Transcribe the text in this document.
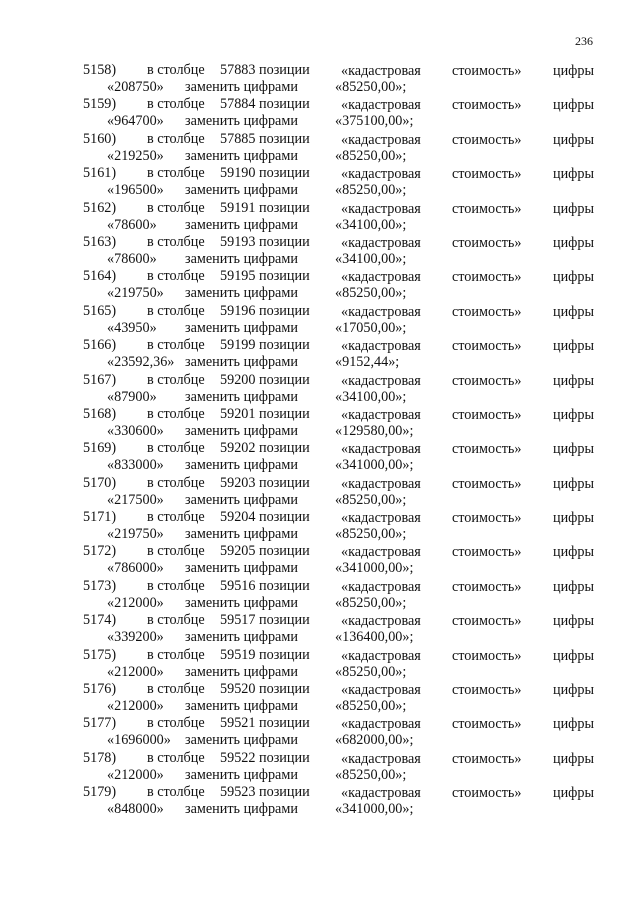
236
5158) в столбце 57883 позиции «кадастровая стоимость» цифры
«208750» заменить цифрами	«85250,00»;
5159) в столбце 57884 позиции «кадастровая стоимость» цифры
«964700» заменить цифрами	«375100,00»;
5160) в столбце 57885 позиции «кадастровая стоимость» цифры
«219250» заменить цифрами	«85250,00»;
5161) в столбце 59190 позиции «кадастровая стоимость» цифры
«196500» заменить цифрами	«85250,00»;
5162) в столбце 59191 позиции «кадастровая стоимость» цифры
«78600» заменить цифрами	«34100,00»;
5163) в столбце 59193 позиции «кадастровая стоимость» цифры
«78600» заменить цифрами	«34100,00»;
5164) в столбце 59195 позиции «кадастровая стоимость» цифры
«219750» заменить цифрами	«85250,00»;
5165) в столбце 59196 позиции «кадастровая стоимость» цифры
«43950» заменить цифрами	«17050,00»;
5166) в столбце 59199 позиции «кадастровая стоимость» цифры
«23592,36» заменить цифрами	«9152,44»;
5167) в столбце 59200 позиции «кадастровая стоимость» цифры
«87900» заменить цифрами	«34100,00»;
5168) в столбце 59201 позиции «кадастровая стоимость» цифры
«330600» заменить цифрами	«129580,00»;
5169) в столбце 59202 позиции «кадастровая стоимость» цифры
«833000» заменить цифрами	«341000,00»;
5170) в столбце 59203 позиции «кадастровая стоимость» цифры
«217500» заменить цифрами	«85250,00»;
5171) в столбце 59204 позиции «кадастровая стоимость» цифры
«219750» заменить цифрами	«85250,00»;
5172) в столбце 59205 позиции «кадастровая стоимость» цифры
«786000» заменить цифрами	«341000,00»;
5173) в столбце 59516 позиции «кадастровая стоимость» цифры
«212000» заменить цифрами	«85250,00»;
5174) в столбце 59517 позиции «кадастровая стоимость» цифры
«339200» заменить цифрами	«136400,00»;
5175) в столбце 59519 позиции «кадастровая стоимость» цифры
«212000» заменить цифрами	«85250,00»;
5176) в столбце 59520 позиции «кадастровая стоимость» цифры
«212000» заменить цифрами	«85250,00»;
5177) в столбце 59521 позиции «кадастровая стоимость» цифры
«1696000» заменить цифрами	«682000,00»;
5178) в столбце 59522 позиции «кадастровая стоимость» цифры
«212000» заменить цифрами	«85250,00»;
5179) в столбце 59523 позиции «кадастровая стоимость» цифры
«848000» заменить цифрами	«341000,00»;
